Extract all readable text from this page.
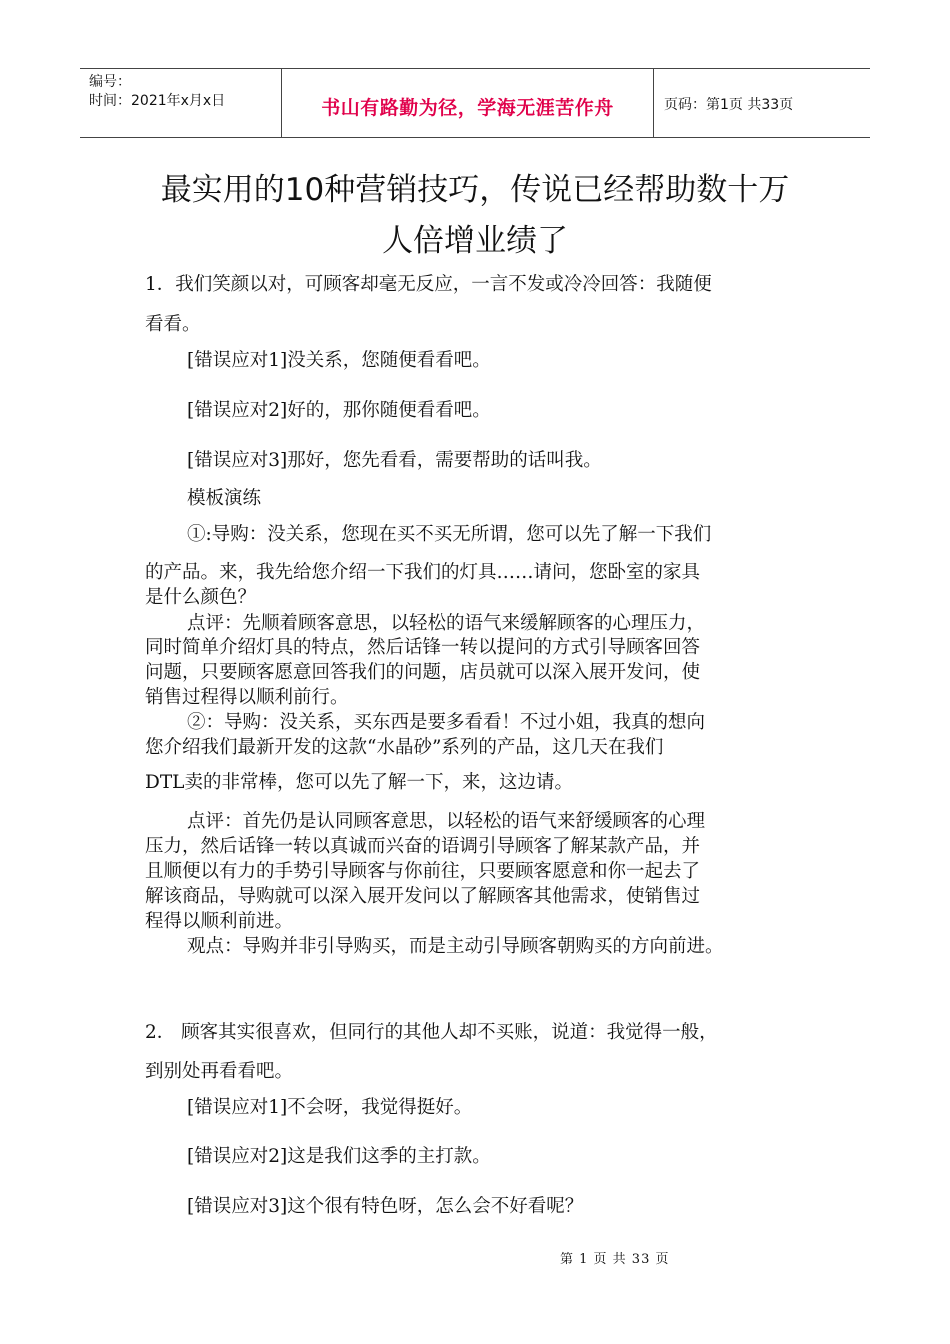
编号：
时间：2021年x月x日	书山有路勤为径，学海无涯苦作舟	页码：第1页 共33页
最实用的10种营销技巧，传说已经帮助数十万
人倍增业绩了
1．我们笑颜以对，可顾客却毫无反应，一言不发或冷冷回答：我随便
看看。
[错误应对1]没关系，您随便看看吧。
[错误应对2]好的，那你随便看看吧。
[错误应对3]那好，您先看看，需要帮助的话叫我。
模板演练
①:导购：没关系，您现在买不买无所谓，您可以先了解一下我们
的产品。来，我先给您介绍一下我们的灯具……请问，您卧室的家具
是什么颜色？
点评：先顺着顾客意思，以轻松的语气来缓解顾客的心理压力，
同时简单介绍灯具的特点，然后话锋一转以提问的方式引导顾客回答
问题，只要顾客愿意回答我们的问题，店员就可以深入展开发问，使
销售过程得以顺利前行。
②：导购：没关系，买东西是要多看看！不过小姐，我真的想向
您介绍我们最新开发的这款“水晶砂”系列的产品，这几天在我们
DTL卖的非常棒，您可以先了解一下，来，这边请。
点评：首先仍是认同顾客意思，以轻松的语气来舒缓顾客的心理
压力，然后话锋一转以真诚而兴奋的语调引导顾客了解某款产品，并
且顺便以有力的手势引导顾客与你前往，只要顾客愿意和你一起去了
解该商品，导购就可以深入展开发问以了解顾客其他需求，使销售过
程得以顺利前进。
观点：导购并非引导购买，而是主动引导顾客朝购买的方向前进。
2． 顾客其实很喜欢，但同行的其他人却不买账，说道：我觉得一般，
到别处再看看吧。
[错误应对1]不会呀，我觉得挺好。
[错误应对2]这是我们这季的主打款。
[错误应对3]这个很有特色呀，怎么会不好看呢？
第 1 页 共 33 页
